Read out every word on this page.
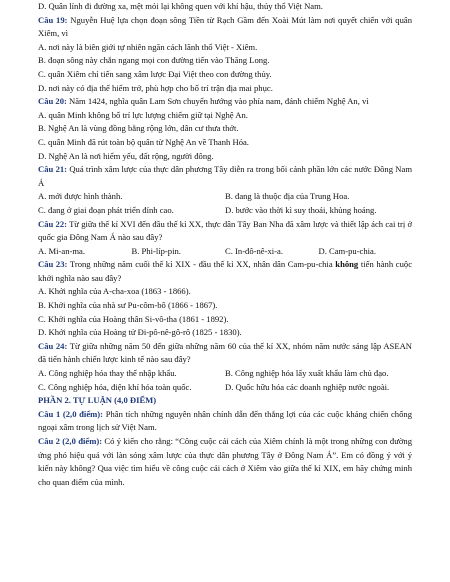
D. Quân lính đi đường xa, mệt mỏi lại không quen với khí hậu, thủy thổ Việt Nam.
Câu 19: Nguyễn Huệ lựa chọn đoạn sông Tiền từ Rạch Gầm đến Xoài Mút làm nơi quyết chiến với quân Xiêm, vì
A. nơi này là biên giới tự nhiên ngăn cách lãnh thổ Việt - Xiêm.
B. đoạn sông này chắn ngang mọi con đường tiến vào Thăng Long.
C. quân Xiêm chỉ tiến sang xâm lược Đại Việt theo con đường thủy.
D. nơi này có địa thế hiểm trở, phù hợp cho bố trí trận địa mai phục.
Câu 20: Năm 1424, nghĩa quân Lam Sơn chuyển hướng vào phía nam, đánh chiếm Nghệ An, vì
A. quân Minh không bố trí lực lượng chiếm giữ tại Nghệ An.
B. Nghệ An là vùng đồng bằng rộng lớn, dân cư thưa thớt.
C. quân Minh đã rút toàn bộ quân từ Nghệ An về Thanh Hóa.
D. Nghệ An là nơi hiểm yếu, đất rộng, người đông.
Câu 21: Quá trình xâm lược của thực dân phương Tây diễn ra trong bối cảnh phần lớn các nước Đông Nam Á
A. mới được hình thành.	B. đang là thuộc địa của Trung Hoa.
C. đang ở giai đoạn phát triển đỉnh cao.	D. bước vào thời kì suy thoái, khủng hoảng.
Câu 22: Từ giữa thế kỉ XVI đến đầu thế kỉ XX, thực dân Tây Ban Nha đã xâm lược và thiết lập ách cai trị ở quốc gia Đông Nam Á nào sau đây?
A. Mi-an-ma.	B. Phi-líp-pin.	C. In-đô-nê-xi-a.	D. Cam-pu-chia.
Câu 23: Trong những năm cuối thế kỉ XIX - đầu thế kỉ XX, nhân dân Cam-pu-chia không tiến hành cuộc khởi nghĩa nào sau đây?
A. Khởi nghĩa của A-cha-xoa (1863 - 1866).
B. Khởi nghĩa của nhà sư Pu-côm-bô (1866 - 1867).
C. Khởi nghĩa của Hoàng thân Si-vô-tha (1861 - 1892).
D. Khởi nghĩa của Hoàng tử Đi-pô-nê-gô-rô (1825 - 1830).
Câu 24: Từ giữa những năm 50 đến giữa những năm 60 của thế kỉ XX, nhóm năm nước sáng lập ASEAN đã tiến hành chiến lược kinh tế nào sau đây?
A. Công nghiệp hóa thay thế nhập khẩu.	B. Công nghiệp hóa lấy xuất khẩu làm chủ đạo.
C. Công nghiệp hóa, điện khí hóa toàn quốc.	D. Quốc hữu hóa các doanh nghiệp nước ngoài.
PHẦN 2. TỰ LUẬN (4,0 ĐIỂM)
Câu 1 (2,0 điểm): Phân tích những nguyên nhân chính dẫn đến thắng lợi của các cuộc kháng chiến chống ngoại xâm trong lịch sử Việt Nam.
Câu 2 (2,0 điểm): Có ý kiến cho rằng: “Công cuộc cải cách của Xiêm chính là một trong những con đường ứng phó hiệu quả với làn sóng xâm lược của thực dân phương Tây ở Đông Nam Á”. Em có đồng ý với ý kiến này không? Qua việc tìm hiểu về công cuộc cải cách ở Xiêm vào giữa thế kỉ XIX, em hãy chứng minh cho quan điểm của mình.
